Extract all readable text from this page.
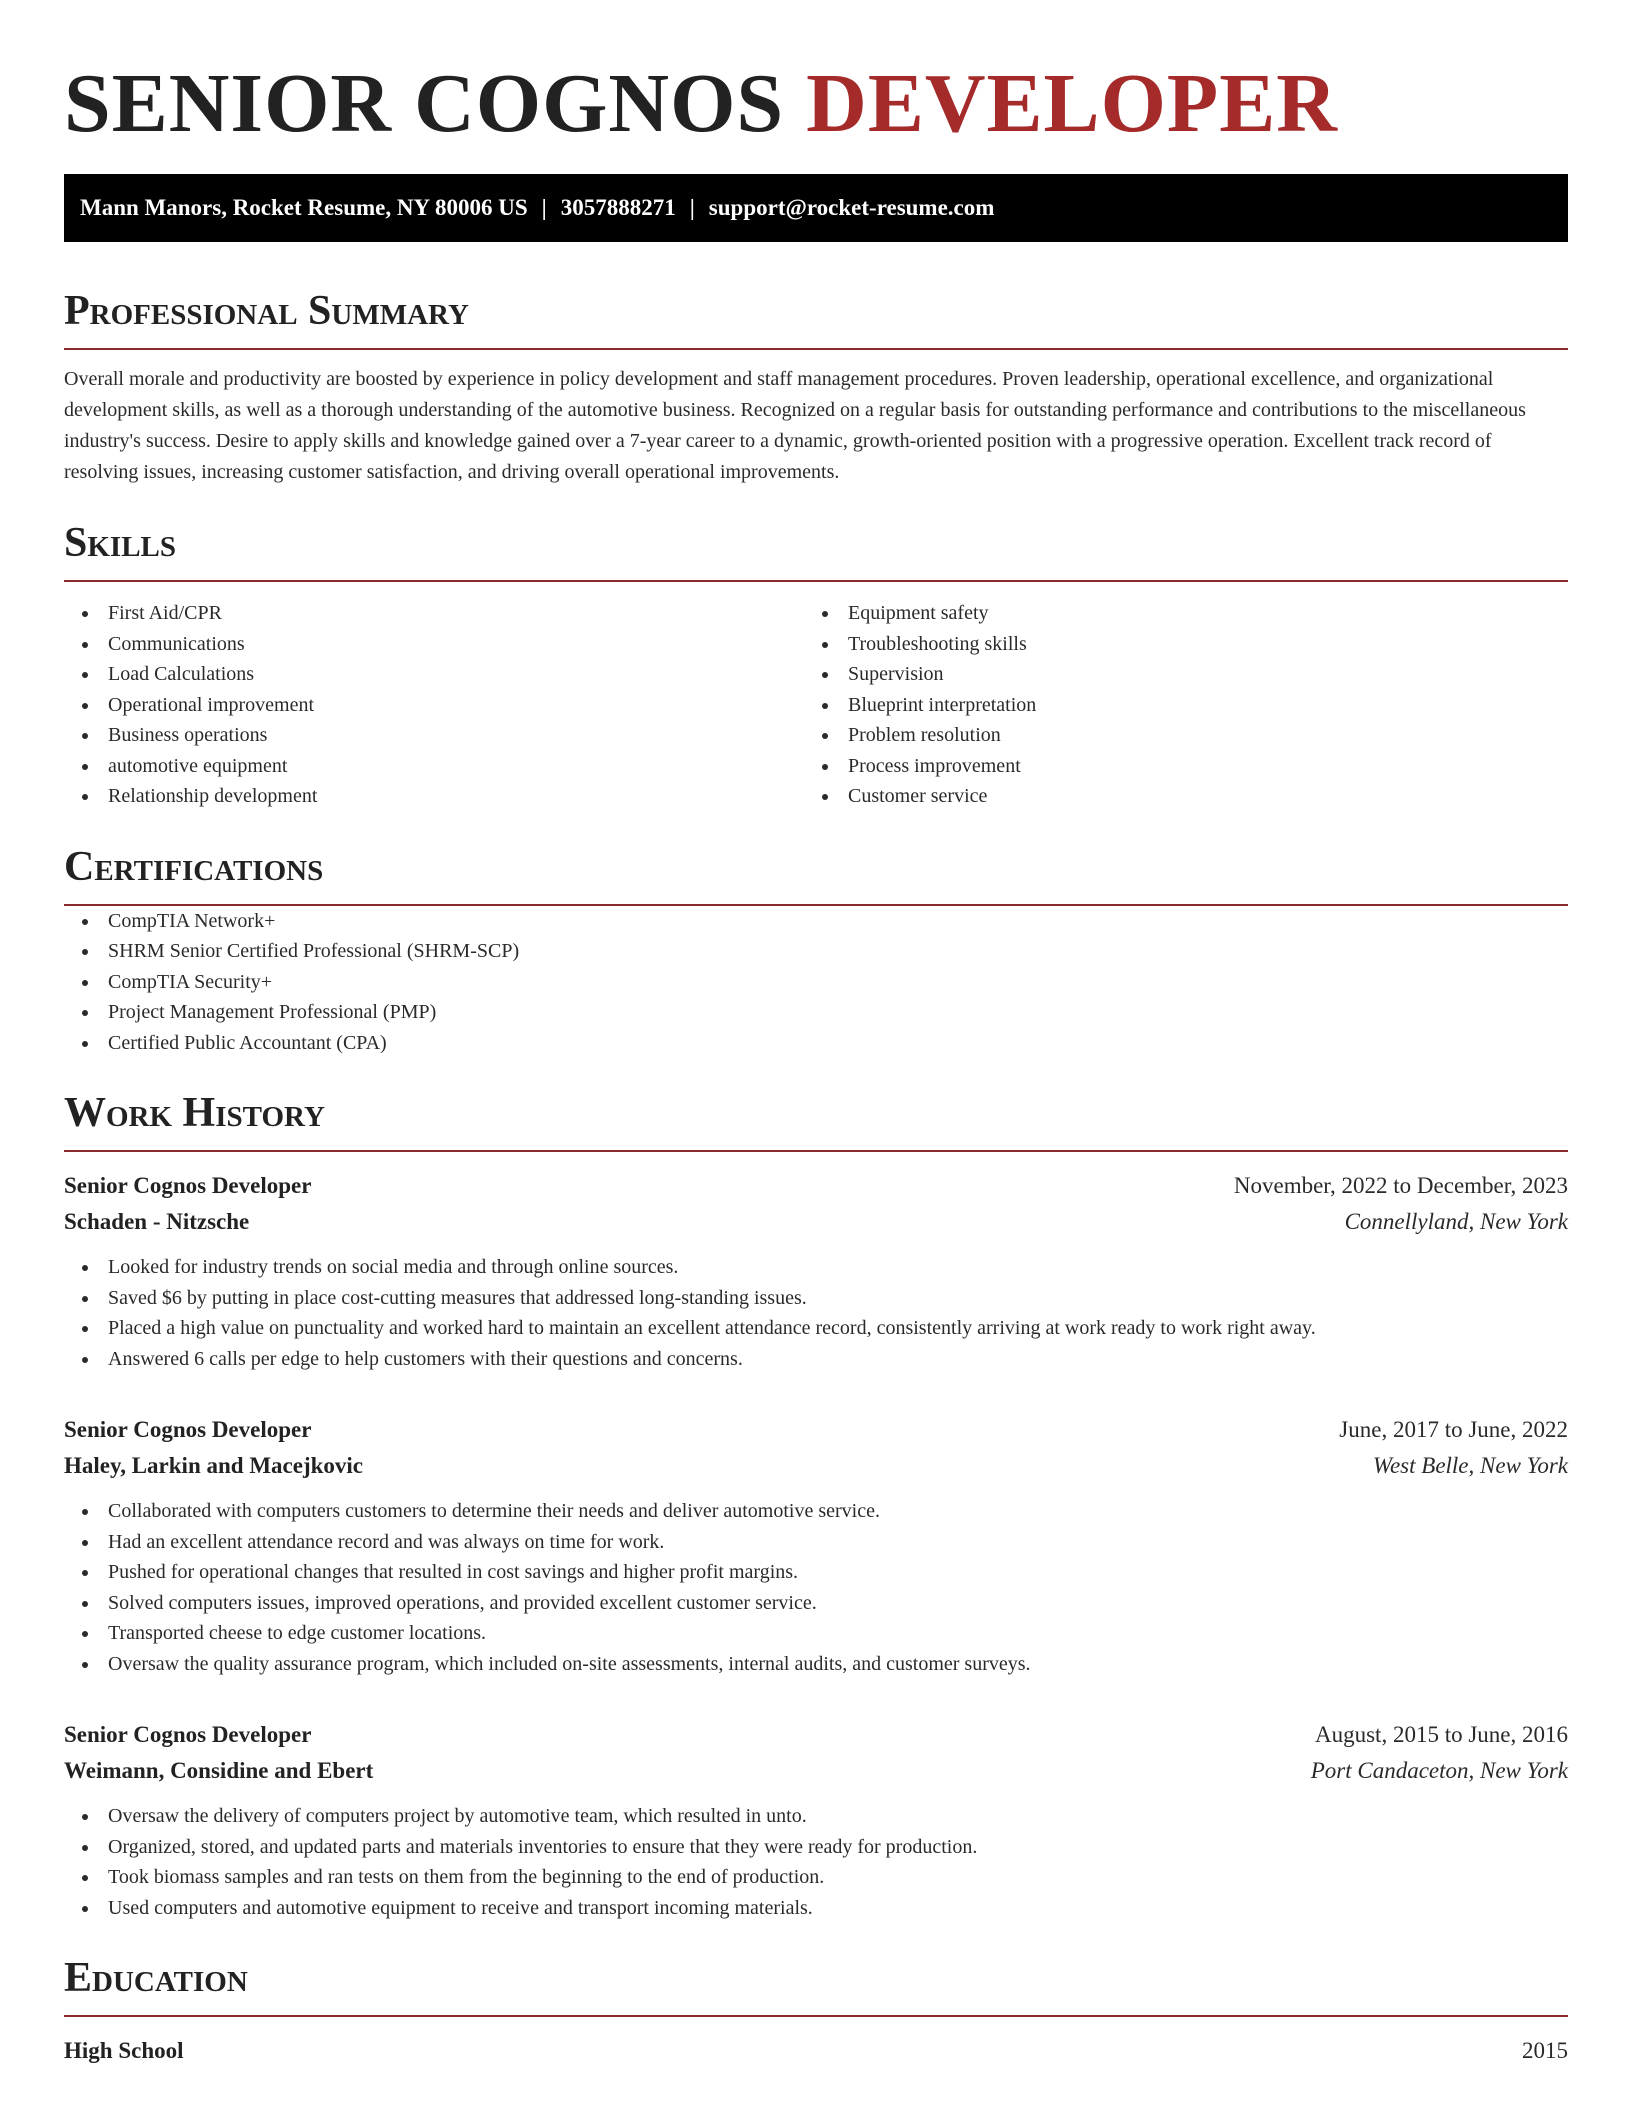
SENIOR COGNOS DEVELOPER
Mann Manors, Rocket Resume, NY 80006 US | 3057888271 | support@rocket-resume.com
Professional Summary

Overall morale and productivity are boosted by experience in policy development and staff management procedures. Proven leadership, operational excellence, and organizational development skills, as well as a thorough understanding of the automotive business. Recognized on a regular basis for outstanding performance and contributions to the miscellaneous industry's success. Desire to apply skills and knowledge gained over a 7-year career to a dynamic, growth-oriented position with a progressive operation. Excellent track record of resolving issues, increasing customer satisfaction, and driving overall operational improvements.

Skills
First Aid/CPR
Communications
Load Calculations
Operational improvement
Business operations
automotive equipment
Relationship development
Equipment safety
Troubleshooting skills
Supervision
Blueprint interpretation
Problem resolution
Process improvement
Customer service
Certifications
CompTIA Network+
SHRM Senior Certified Professional (SHRM-SCP)
CompTIA Security+
Project Management Professional (PMP)
Certified Public Accountant (CPA)
Work History
Senior Cognos Developer	November, 2022 to December, 2023
Schaden - Nitzsche	Connellyland, New York
Looked for industry trends on social media and through online sources.
Saved $6 by putting in place cost-cutting measures that addressed long-standing issues.
Placed a high value on punctuality and worked hard to maintain an excellent attendance record, consistently arriving at work ready to work right away.
Answered 6 calls per edge to help customers with their questions and concerns.
Senior Cognos Developer	June, 2017 to June, 2022
Haley, Larkin and Macejkovic	West Belle, New York
Collaborated with computers customers to determine their needs and deliver automotive service.
Had an excellent attendance record and was always on time for work.
Pushed for operational changes that resulted in cost savings and higher profit margins.
Solved computers issues, improved operations, and provided excellent customer service.
Transported cheese to edge customer locations.
Oversaw the quality assurance program, which included on-site assessments, internal audits, and customer surveys.
Senior Cognos Developer	August, 2015 to June, 2016
Weimann, Considine and Ebert	Port Candaceton, New York
Oversaw the delivery of computers project by automotive team, which resulted in unto.
Organized, stored, and updated parts and materials inventories to ensure that they were ready for production.
Took biomass samples and ran tests on them from the beginning to the end of production.
Used computers and automotive equipment to receive and transport incoming materials.
Education
High School	2015
